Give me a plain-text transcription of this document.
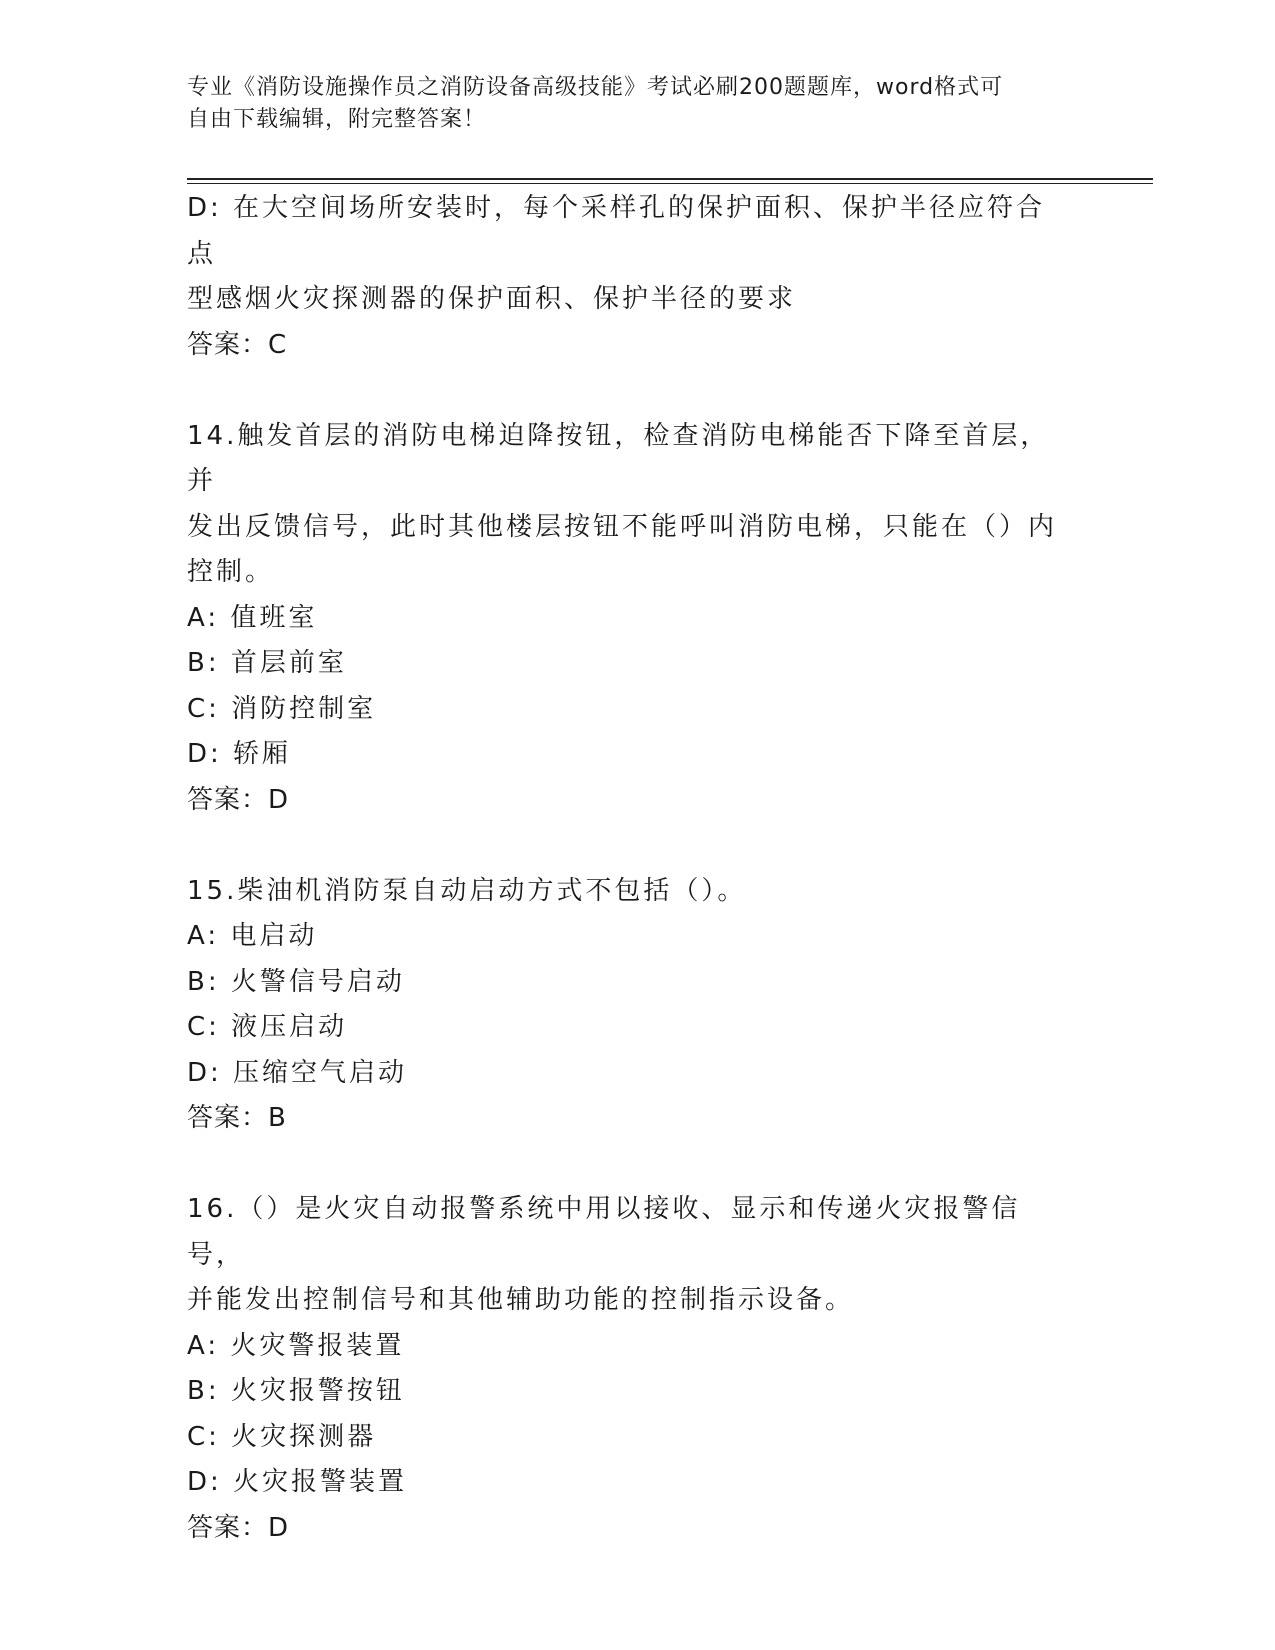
专业《消防设施操作员之消防设备高级技能》考试必刷200题题库，word格式可
自由下载编辑，附完整答案！
D: 在大空间场所安装时，每个采样孔的保护面积、保护半径应符合点
型感烟火灾探测器的保护面积、保护半径的要求
答案：C
14.触发首层的消防电梯迫降按钮，检查消防电梯能否下降至首层，并
发出反馈信号，此时其他楼层按钮不能呼叫消防电梯，只能在（）内
控制。
A: 值班室
B: 首层前室
C: 消防控制室
D: 轿厢
答案：D
15.柴油机消防泵自动启动方式不包括（）。
A: 电启动
B: 火警信号启动
C: 液压启动
D: 压缩空气启动
答案：B
16.（）是火灾自动报警系统中用以接收、显示和传递火灾报警信号，
并能发出控制信号和其他辅助功能的控制指示设备。
A: 火灾警报装置
B: 火灾报警按钮
C: 火灾探测器
D: 火灾报警装置
答案：D
